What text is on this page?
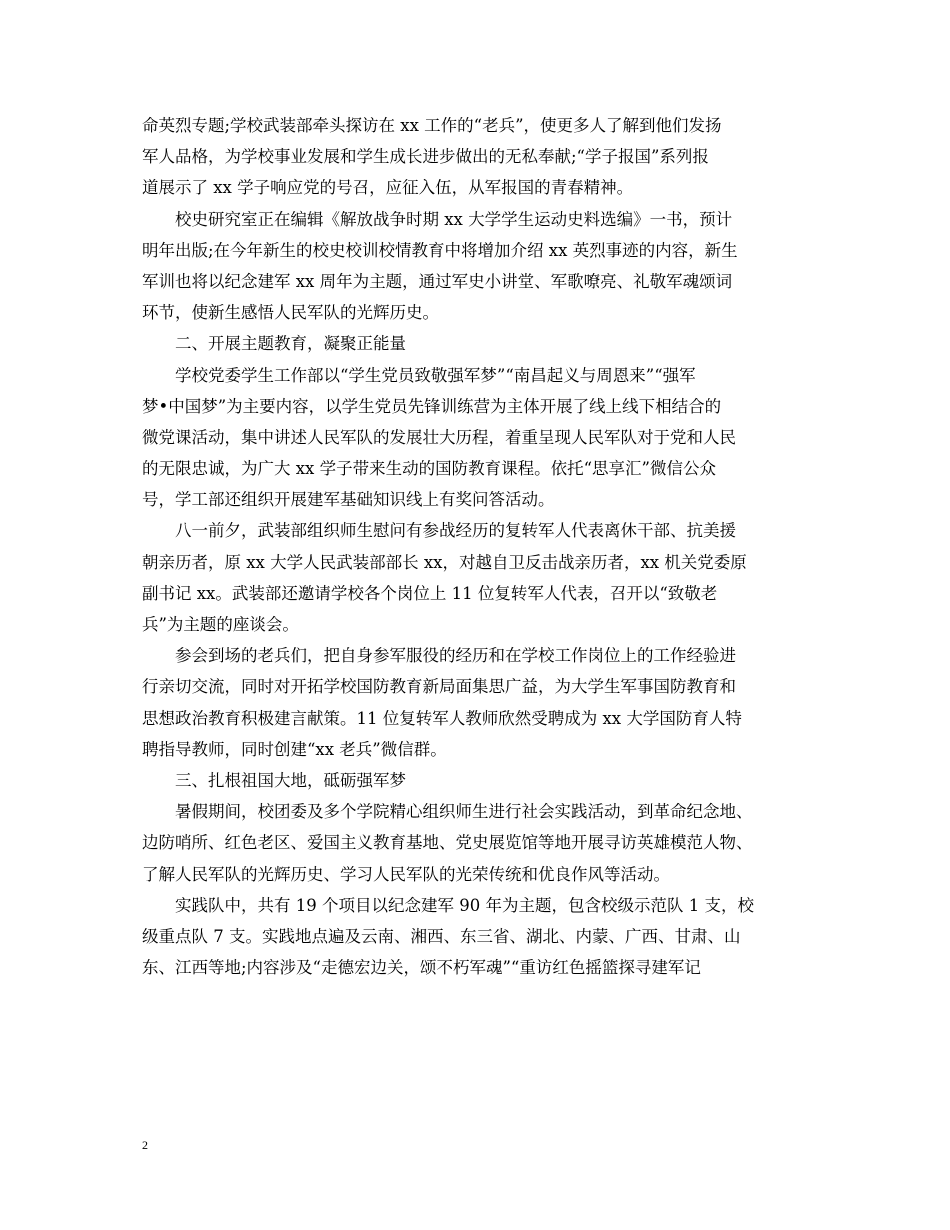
命英烈专题;学校武装部牵头探访在 xx 工作的“老兵”，使更多人了解到他们发扬
军人品格，为学校事业发展和学生成长进步做出的无私奉献;“学子报国”系列报
道展示了 xx 学子响应党的号召，应征入伍，从军报国的青春精神。
校史研究室正在编辑《解放战争时期 xx 大学学生运动史料选编》一书，预计
明年出版;在今年新生的校史校训校情教育中将增加介绍 xx 英烈事迹的内容，新生
军训也将以纪念建军 xx 周年为主题，通过军史小讲堂、军歌嘹亮、礼敬军魂颂词
环节，使新生感悟人民军队的光辉历史。
二、开展主题教育，凝聚正能量
学校党委学生工作部以“学生党员致敬强军梦”“南昌起义与周恩来”“强军
梦•中国梦”为主要内容，以学生党员先锋训练营为主体开展了线上线下相结合的
微党课活动，集中讲述人民军队的发展壮大历程，着重呈现人民军队对于党和人民
的无限忠诚，为广大 xx 学子带来生动的国防教育课程。依托“思享汇”微信公众
号，学工部还组织开展建军基础知识线上有奖问答活动。
八一前夕，武装部组织师生慰问有参战经历的复转军人代表离休干部、抗美援
朝亲历者，原 xx 大学人民武装部部长 xx，对越自卫反击战亲历者，xx 机关党委原
副书记 xx。武装部还邀请学校各个岗位上 11 位复转军人代表，召开以“致敬老
兵”为主题的座谈会。
参会到场的老兵们，把自身参军服役的经历和在学校工作岗位上的工作经验进
行亲切交流，同时对开拓学校国防教育新局面集思广益，为大学生军事国防教育和
思想政治教育积极建言献策。11 位复转军人教师欣然受聘成为 xx 大学国防育人特
聘指导教师，同时创建“xx 老兵”微信群。
三、扎根祖国大地，砥砺强军梦
暑假期间，校团委及多个学院精心组织师生进行社会实践活动，到革命纪念地、
边防哨所、红色老区、爱国主义教育基地、党史展览馆等地开展寻访英雄模范人物、
了解人民军队的光辉历史、学习人民军队的光荣传统和优良作风等活动。
实践队中，共有 19 个项目以纪念建军 90 年为主题，包含校级示范队 1 支，校
级重点队 7 支。实践地点遍及云南、湘西、东三省、湖北、内蒙、广西、甘肃、山
东、江西等地;内容涉及“走德宏边关，颂不朽军魂”“重访红色摇篮探寻建军记
2
